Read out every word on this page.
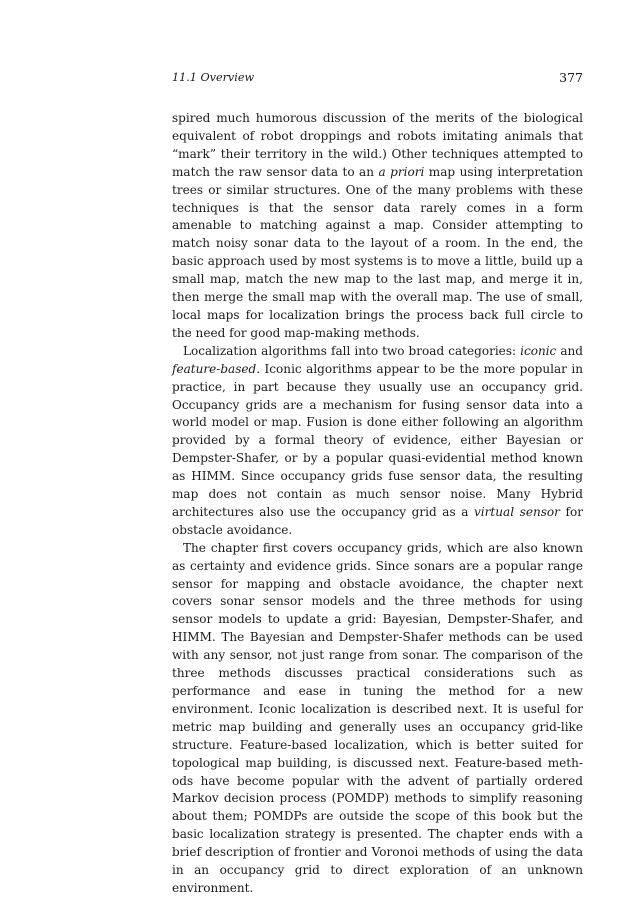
11.1 Overview	377

spired much humorous discussion of the merits of the biological equivalent of robot droppings and robots imitating animals that “mark” their territory in the wild.) Other techniques attempted to match the raw sensor data to an a priori map using interpretation trees or similar structures. One of the many problems with these techniques is that the sensor data rarely comes in a form amenable to matching against a map. Consider attempting to match noisy sonar data to the layout of a room. In the end, the basic approach used by most systems is to move a little, build up a small map, match the new map to the last map, and merge it in, then merge the small map with the overall map. The use of small, local maps for localization brings the process back full circle to the need for good map-making methods.

Localization algorithms fall into two broad categories: iconic and feature-based. Iconic algorithms appear to be the more popular in practice, in part because they usually use an occupancy grid. Occupancy grids are a mechanism for fusing sensor data into a world model or map. Fusion is done either following an algorithm provided by a formal theory of evidence, either Bayesian or Dempster-Shafer, or by a popular quasi-evidential method known as HIMM. Since occupancy grids fuse sensor data, the resulting map does not contain as much sensor noise. Many Hybrid architectures also use the occupancy grid as a virtual sensor for obstacle avoidance.

The chapter first covers occupancy grids, which are also known as certainty and evidence grids. Since sonars are a popular range sensor for mapping and obstacle avoidance, the chapter next covers sonar sensor models and the three methods for using sensor models to update a grid: Bayesian, Dempster-Shafer, and HIMM. The Bayesian and Dempster-Shafer methods can be used with any sensor, not just range from sonar. The comparison of the three methods discusses practical considerations such as performance and ease in tuning the method for a new environment. Iconic localization is described next. It is useful for metric map building and generally uses an occupancy grid-like structure. Feature-based localization, which is better suited for topological map building, is discussed next. Feature-based methods have become popular with the advent of partially ordered Markov decision process (POMDP) methods to simplify reasoning about them; POMDPs are outside the scope of this book but the basic localization strategy is presented. The chapter ends with a brief description of frontier and Voronoi methods of using the data in an occupancy grid to direct exploration of an unknown environment.
